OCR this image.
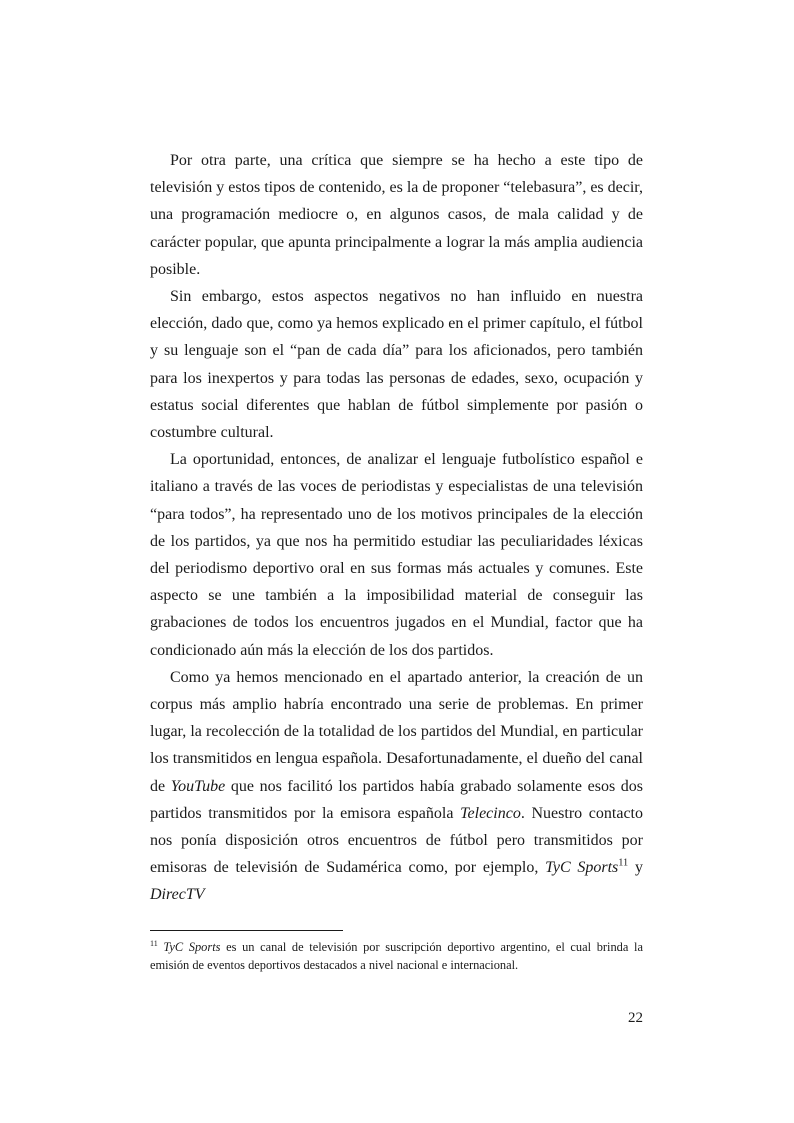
Por otra parte, una crítica que siempre se ha hecho a este tipo de televisión y estos tipos de contenido, es la de proponer “telebasura”, es decir, una programación mediocre o, en algunos casos, de mala calidad y de carácter popular, que apunta principalmente a lograr la más amplia audiencia posible.

Sin embargo, estos aspectos negativos no han influido en nuestra elección, dado que, como ya hemos explicado en el primer capítulo, el fútbol y su lenguaje son el “pan de cada día” para los aficionados, pero también para los inexpertos y para todas las personas de edades, sexo, ocupación y estatus social diferentes que hablan de fútbol simplemente por pasión o costumbre cultural.

La oportunidad, entonces, de analizar el lenguaje futbolístico español e italiano a través de las voces de periodistas y especialistas de una televisión “para todos”, ha representado uno de los motivos principales de la elección de los partidos, ya que nos ha permitido estudiar las peculiaridades léxicas del periodismo deportivo oral en sus formas más actuales y comunes. Este aspecto se une también a la imposibilidad material de conseguir las grabaciones de todos los encuentros jugados en el Mundial, factor que ha condicionado aún más la elección de los dos partidos.

Como ya hemos mencionado en el apartado anterior, la creación de un corpus más amplio habría encontrado una serie de problemas. En primer lugar, la recolección de la totalidad de los partidos del Mundial, en particular los transmitidos en lengua española. Desafortunadamente, el dueño del canal de YouTube que nos facilitó los partidos había grabado solamente esos dos partidos transmitidos por la emisora española Telecinco. Nuestro contacto nos ponía disposición otros encuentros de fútbol pero transmitidos por emisoras de televisión de Sudamérica como, por ejemplo, TyC Sports$^{11}$ y DirecTV

$^{11}$ TyC Sports es un canal de televisión por suscripción deportivo argentino, el cual brinda la emisión de eventos deportivos destacados a nivel nacional e internacional.
22
